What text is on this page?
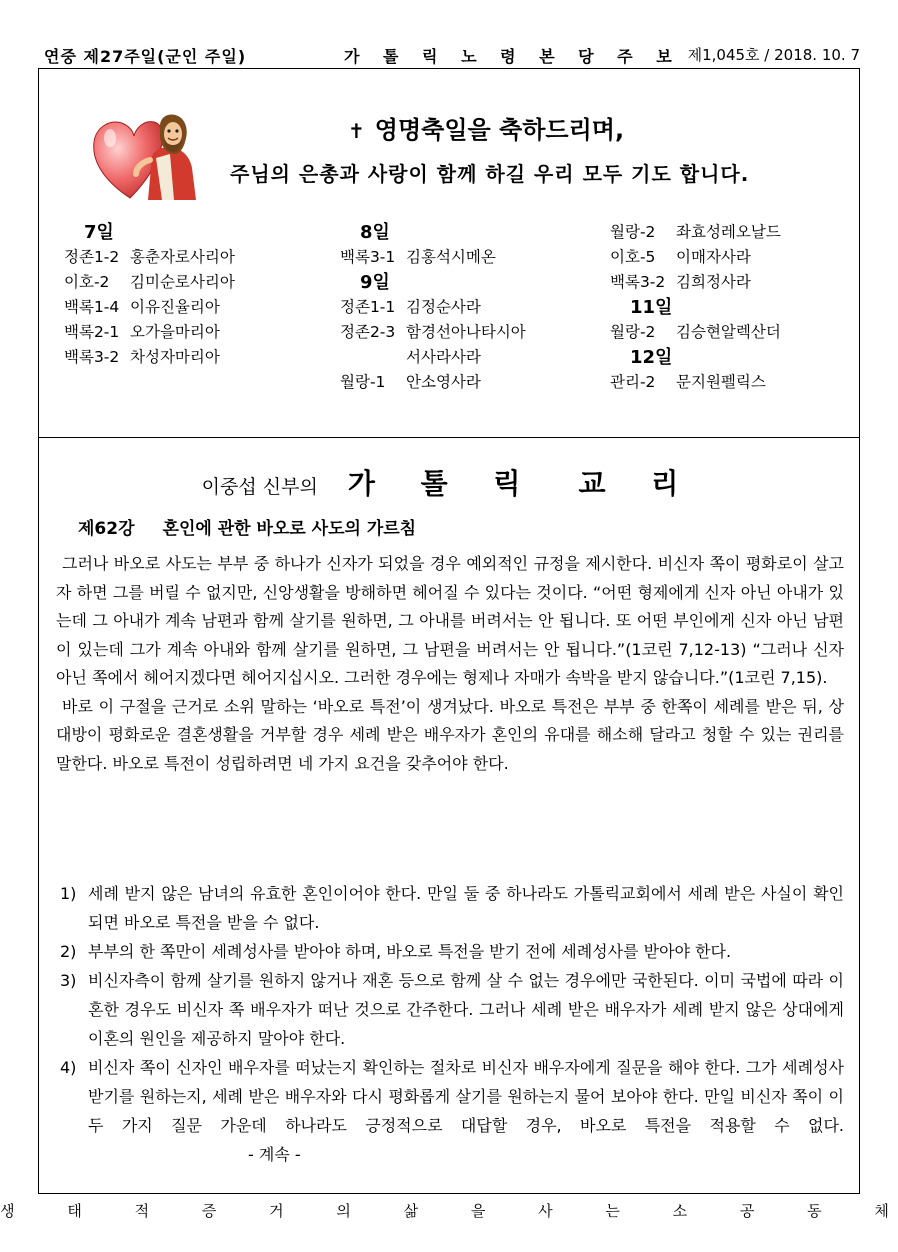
연중 제27주일(군인 주일)	가 톨 릭 노 령 본 당 주 보 제1,045호 / 2018. 10. 7
✝ 영명축일을 축하드리며,
주님의 은총과 사랑이 함께 하길 우리 모두 기도 합니다.
7일
정존1-2 홍춘자로사리아
이호-2 김미순로사리아
백록1-4 이유진율리아
백록2-1 오가을마리아
백록3-2 차성자마리아
8일
백록3-1 김홍석시메온
9일
정존1-1 김정순사라
정존2-3 함경선아나타시아
서사라사라
월랑-1 안소영사라
월랑-2 좌효성레오날드
이호-5 이매자사라
백록3-2 김희정사라
11일
월랑-2 김승현알렉산더
12일
관리-2 문지원펠릭스
이중섭 신부의 가 톨 릭 교 리
제62강 혼인에 관한 바오로 사도의 가르침

그러나 바오로 사도는 부부 중 하나가 신자가 되었을 경우 예외적인 규정을 제시한다. 비신자 쪽이 평화로이 살고자 하면 그를 버릴 수 없지만, 신앙생활을 방해하면 헤어질 수 있다는 것이다. “어떤 형제에게 신자 아닌 아내가 있는데 그 아내가 계속 남편과 함께 살기를 원하면, 그 아내를 버려서는 안 됩니다. 또 어떤 부인에게 신자 아닌 남편이 있는데 그가 계속 아내와 함께 살기를 원하면, 그 남편을 버려서는 안 됩니다.”(1코린 7,12-13) “그러나 신자 아닌 쪽에서 헤어지겠다면 헤어지십시오. 그러한 경우에는 형제나 자매가 속박을 받지 않습니다.”(1코린 7,15).

바로 이 구절을 근거로 소위 말하는 ‘바오로 특전’이 생겨났다. 바오로 특전은 부부 중 한쪽이 세례를 받은 뒤, 상대방이 평화로운 결혼생활을 거부할 경우 세례 받은 배우자가 혼인의 유대를 해소해 달라고 청할 수 있는 권리를 말한다. 바오로 특전이 성립하려면 네 가지 요건을 갖추어야 한다.

1) 세례 받지 않은 남녀의 유효한 혼인이어야 한다. 만일 둘 중 하나라도 가톨릭교회에서 세례 받은 사실이 확인되면 바오로 특전을 받을 수 없다.
2) 부부의 한 쪽만이 세례성사를 받아야 하며, 바오로 특전을 받기 전에 세례성사를 받아야 한다.
3) 비신자측이 함께 살기를 원하지 않거나 재혼 등으로 함께 살 수 없는 경우에만 국한된다. 이미 국법에 따라 이혼한 경우도 비신자 쪽 배우자가 떠난 것으로 간주한다. 그러나 세례 받은 배우자가 세례 받지 않은 상대에게 이혼의 원인을 제공하지 말아야 한다.
4) 비신자 쪽이 신자인 배우자를 떠났는지 확인하는 절차로 비신자 배우자에게 질문을 해야 한다. 그가 세례성사 받기를 원하는지, 세례 받은 배우자와 다시 평화롭게 살기를 원하는지 물어 보아야 한다. 만일 비신자 쪽이 이 두 가지 질문 가운데 하나라도 긍정적으로 대답할 경우, 바오로 특전을 적용할 수 없다.- 계속 -
생 태 적 증 거 의 삶 을 사 는 소 공 동 체
